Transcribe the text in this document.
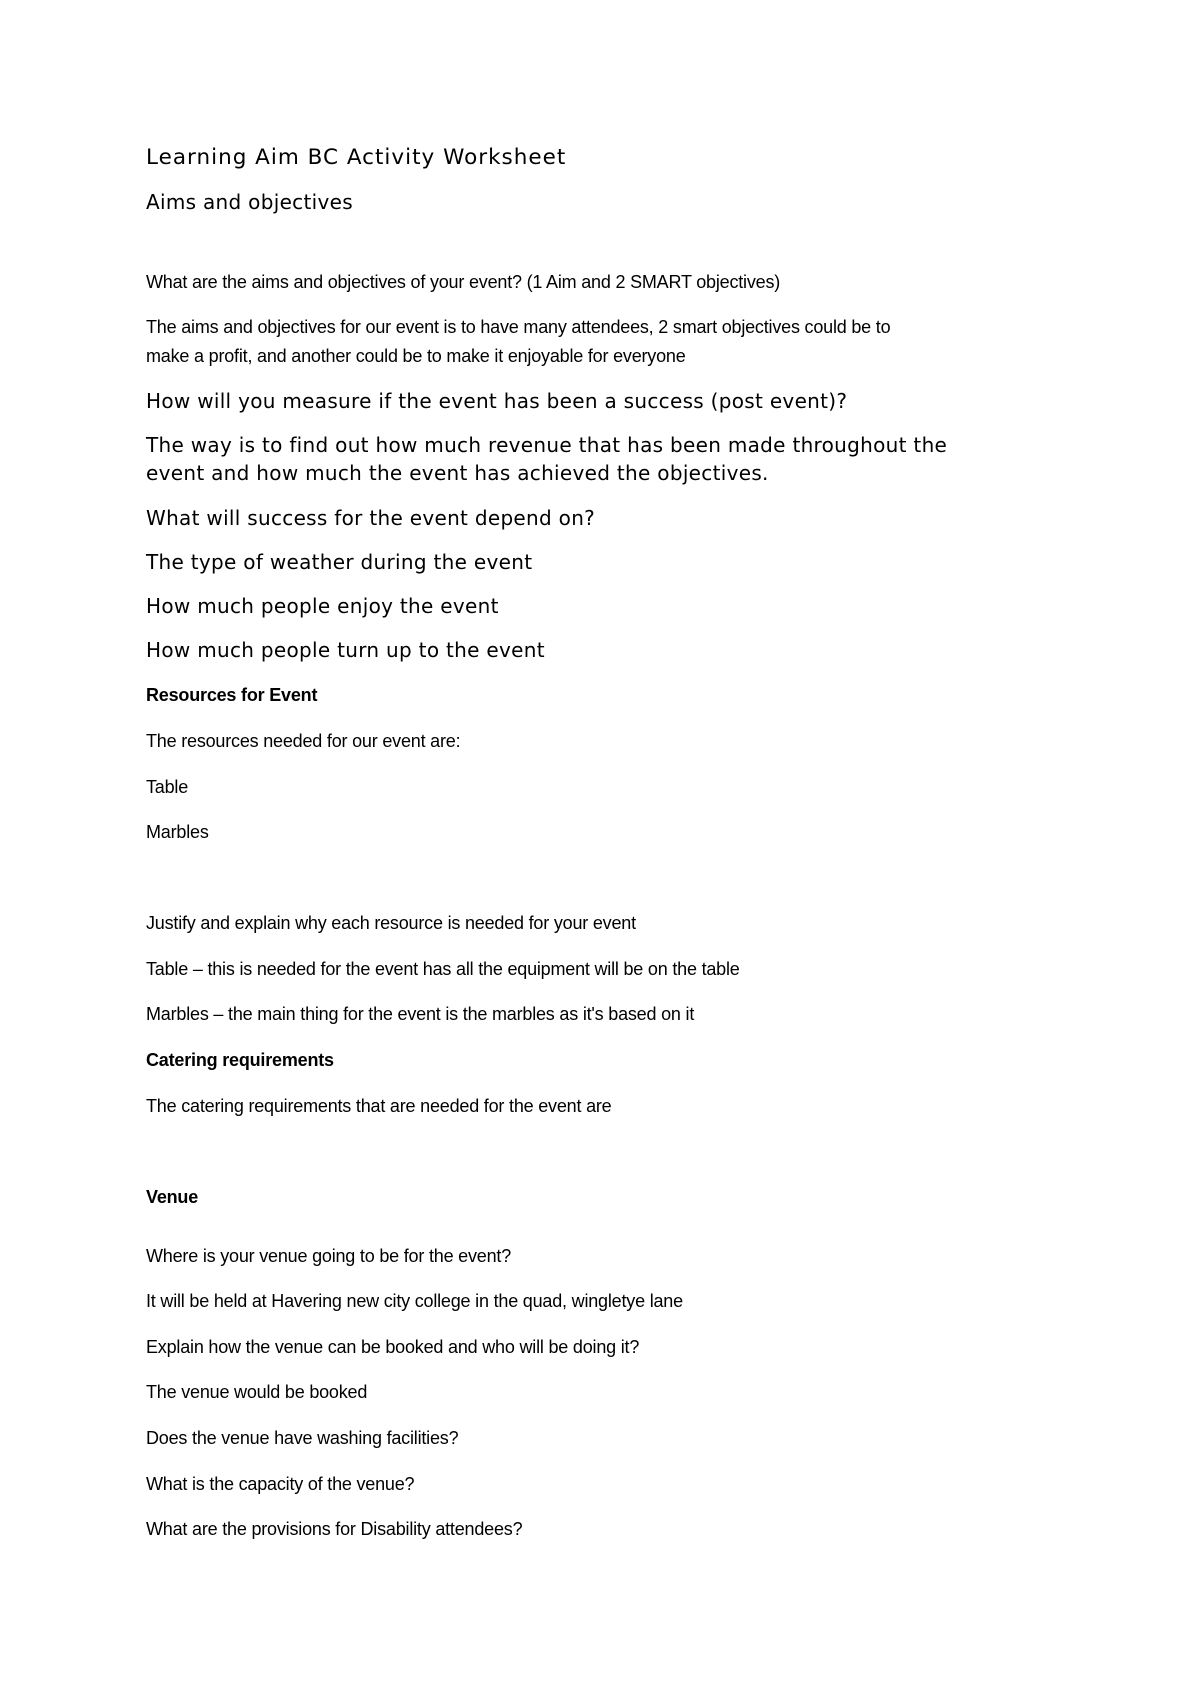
Learning Aim BC Activity Worksheet
Aims and objectives
What are the aims and objectives of your event? (1 Aim and 2 SMART objectives)
The aims and objectives for our event is to have many attendees, 2 smart objectives could be to
make a profit, and another could be to make it enjoyable for everyone
How will you measure if the event has been a success (post event)?
The way is to find out how much revenue that has been made throughout the
event and how much the event has achieved the objectives.
What will success for the event depend on?
The type of weather during the event
How much people enjoy the event
How much people turn up to the event
Resources for Event
The resources needed for our event are:
Table
Marbles
Justify and explain why each resource is needed for your event
Table – this is needed for the event has all the equipment will be on the table
Marbles – the main thing for the event is the marbles as it's based on it
Catering requirements
The catering requirements that are needed for the event are
Venue
Where is your venue going to be for the event?
It will be held at Havering new city college in the quad, wingletye lane
Explain how the venue can be booked and who will be doing it?
The venue would be booked
Does the venue have washing facilities?
What is the capacity of the venue?
What are the provisions for Disability attendees?
